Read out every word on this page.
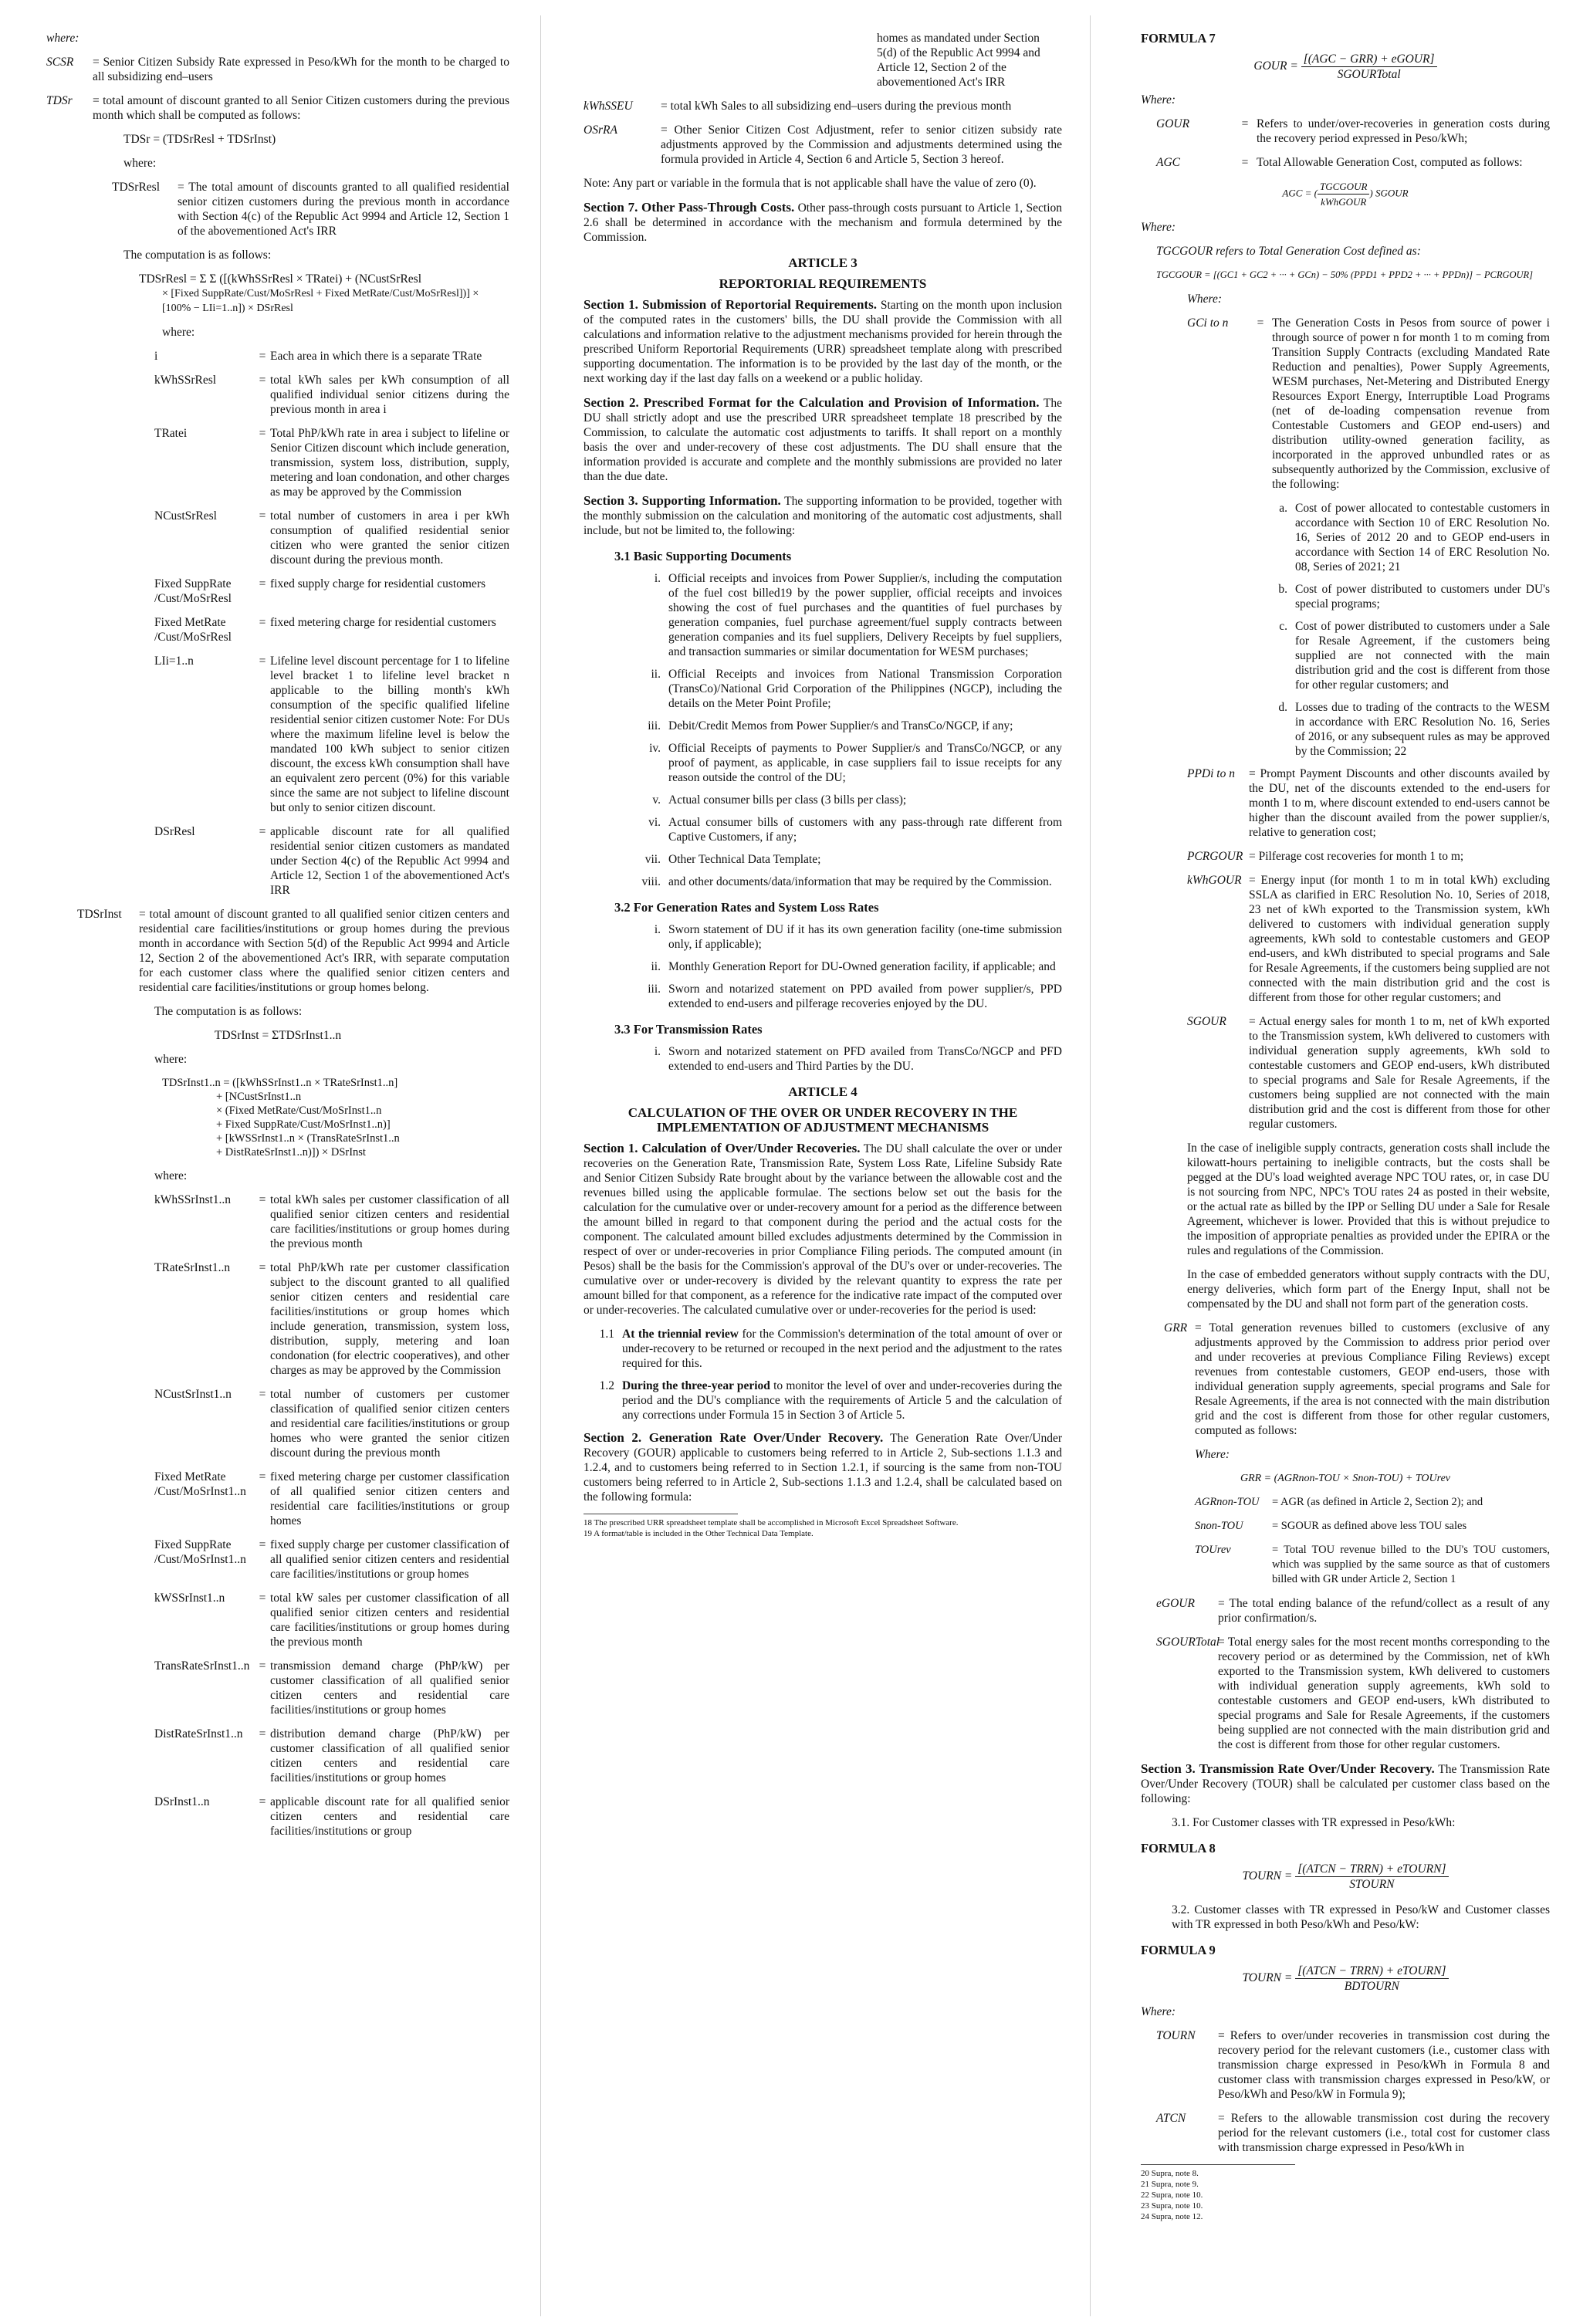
where:

SCSR	= Senior Citizen Subsidy Rate expressed in Peso/kWh for the month to be charged to all subsidizing end–users
TDSr	= total amount of discount granted to all Senior Citizen customers during the previous month which shall be computed as follows:

TDSr = (TDSrResl + TDSrInst)

where:

TDSrResl	= The total amount of discounts granted to all qualified residential senior citizen customers during the previous month in accordance with Section 4(c) of the Republic Act 9994 and Article 12, Section 1 of the abovementioned Act's IRR

The computation is as follows:

TDSrResl = Σ Σ ([(kWhSSrResl × TRatei) + (NCustSrResl

× [Fixed SuppRate/Cust/MoSrResl + Fixed MetRate/Cust/MoSrResl])] × [100% − LIi=1..n]) × DSrResl

where:

i	= Each area in which there is a separate TRate
kWhSSrResl	= total kWh sales per kWh consumption of all qualified individual senior citizens during the previous month in area i
TRatei	= Total PhP/kWh rate in area i subject to lifeline or Senior Citizen discount which include generation, transmission, system loss, distribution, supply, metering and loan condonation, and other charges as may be approved by the Commission
NCustSrResl	= total number of customers in area i per kWh consumption of qualified residential senior citizen who were granted the senior citizen discount during the previous month.
Fixed SuppRate /Cust/MoSrResl
= fixed supply charge for residential customers
Fixed MetRate /Cust/MoSrResl
= fixed metering charge for residential customers
LIi=1..n	= Lifeline level discount percentage for 1 to lifeline level bracket 1 to lifeline level bracket n applicable to the billing month's kWh consumption of the specific qualified lifeline residential senior citizen customer Note: For DUs where the maximum lifeline level is below the mandated 100 kWh subject to senior citizen discount, the excess kWh consumption shall have an equivalent zero percent (0%) for this variable since the same are not subject to lifeline discount but only to senior citizen discount.
DSrResl	= applicable discount rate for all qualified residential senior citizen customers as mandated under Section 4(c) of the Republic Act 9994 and Article 12, Section 1 of the abovementioned Act's IRR
TDSrInst	= total amount of discount granted to all qualified senior citizen centers and residential care facilities/institutions or group homes during the previous month in accordance with Section 5(d) of the Republic Act 9994 and Article 12, Section 2 of the abovementioned Act's IRR, with separate computation for each customer class where the qualified senior citizen centers and residential care facilities/institutions or group homes belong.

The computation is as follows:

TDSrInst = ΣTDSrInst1..n

where:

TDSrInst1..n = ([kWhSSrInst1..n × TRateSrInst1..n]
+ [NCustSrInst1..n
× (Fixed MetRate/Cust/MoSrInst1..n
+ Fixed SuppRate/Cust/MoSrInst1..n)]
+ [kWSSrInst1..n × (TransRateSrInst1..n
+ DistRateSrInst1..n)]) × DSrInst

where:

kWhSSrInst1..n	= total kWh sales per customer classification of all qualified senior citizen centers and residential care facilities/institutions or group homes during the previous month
TRateSrInst1..n	= total PhP/kWh rate per customer classification subject to the discount granted to all qualified senior citizen centers and residential care facilities/institutions or group homes which include generation, transmission, system loss, distribution, supply, metering and loan condonation (for electric cooperatives), and other charges as may be approved by the Commission
NCustSrInst1..n	= total number of customers per customer classification of qualified senior citizen centers and residential care facilities/institutions or group homes who were granted the senior citizen discount during the previous month
Fixed MetRate /Cust/MoSrInst1..n
= fixed metering charge per customer classification of all qualified senior citizen centers and residential care facilities/institutions or group homes
Fixed SuppRate /Cust/MoSrInst1..n
= fixed supply charge per customer classification of all qualified senior citizen centers and residential care facilities/institutions or group homes
kWSSrInst1..n	= total kW sales per customer classification of all qualified senior citizen centers and residential care facilities/institutions or group homes during the previous month
TransRateSrInst1..n = transmission demand charge (PhP/kW) per customer classification of all qualified senior citizen centers and residential care facilities/institutions or group homes
DistRateSrInst1..n	= distribution demand charge (PhP/kW) per customer classification of all qualified senior citizen centers and residential care facilities/institutions or group homes
DSrInst1..n	= applicable discount rate for all qualified senior citizen centers and residential care facilities/institutions or group

homes as mandated under Section 5(d) of the Republic Act 9994 and Article 12, Section 2 of the abovementioned Act's IRR

kWhSSEU	= total kWh Sales to all subsidizing end–users during the previous month
OSrRA	= Other Senior Citizen Cost Adjustment, refer to senior citizen subsidy rate adjustments approved by the Commission and adjustments determined using the formula provided in Article 4, Section 6 and Article 5, Section 3 hereof.

Note: Any part or variable in the formula that is not applicable shall have the value of zero (0).

Section 7. Other Pass-Through Costs. Other pass-through costs pursuant to Article 1, Section 2.6 shall be determined in accordance with the mechanism and formula determined by the Commission.

ARTICLE 3
REPORTORIAL REQUIREMENTS

Section 1. Submission of Reportorial Requirements. Starting on the month upon inclusion of the computed rates in the customers' bills, the DU shall provide the Commission with all calculations and information relative to the adjustment mechanisms provided for herein through the prescribed Uniform Reportorial Requirements (URR) spreadsheet template along with prescribed supporting documentation. The information is to be provided by the last day of the month, or the next working day if the last day falls on a weekend or a public holiday.

Section 2. Prescribed Format for the Calculation and Provision of Information. The DU shall strictly adopt and use the prescribed URR spreadsheet template 18 prescribed by the Commission, to calculate the automatic cost adjustments to tariffs. It shall report on a monthly basis the over and under-recovery of these cost adjustments. The DU shall ensure that the information provided is accurate and complete and the monthly submissions are provided no later than the due date.

Section 3. Supporting Information. The supporting information to be provided, together with the monthly submission on the calculation and monitoring of the automatic cost adjustments, shall include, but not be limited to, the following:

3.1 Basic Supporting Documents
i. Official receipts and invoices from Power Supplier/s, including the computation of the fuel cost billed19 by the power supplier, official receipts and invoices showing the cost of fuel purchases and the quantities of fuel purchases by generation companies, fuel purchase agreement/fuel supply contracts between generation companies and its fuel suppliers, Delivery Receipts by fuel suppliers, and transaction summaries or similar documentation for WESM purchases;
ii. Official Receipts and invoices from National Transmission Corporation (TransCo)/National Grid Corporation of the Philippines (NGCP), including the details on the Meter Point Profile;
iii. Debit/Credit Memos from Power Supplier/s and TransCo/NGCP, if any;
iv. Official Receipts of payments to Power Supplier/s and TransCo/NGCP, or any proof of payment, as applicable, in case suppliers fail to issue receipts for any reason outside the control of the DU;
v. Actual consumer bills per class (3 bills per class);
vi. Actual consumer bills of customers with any pass-through rate different from Captive Customers, if any;
vii. Other Technical Data Template;
viii. and other documents/data/information that may be required by the Commission.
3.2 For Generation Rates and System Loss Rates
i. Sworn statement of DU if it has its own generation facility (one-time submission only, if applicable);
ii. Monthly Generation Report for DU-Owned generation facility, if applicable; and
iii. Sworn and notarized statement on PPD availed from power supplier/s, PPD extended to end-users and pilferage recoveries enjoyed by the DU.
3.3 For Transmission Rates
i. Sworn and notarized statement on PFD availed from TransCo/NGCP and PFD extended to end-users and Third Parties by the DU.
ARTICLE 4
CALCULATION OF THE OVER OR UNDER RECOVERY IN THE IMPLEMENTATION OF ADJUSTMENT MECHANISMS

Section 1. Calculation of Over/Under Recoveries. The DU shall calculate the over or under recoveries on the Generation Rate, Transmission Rate, System Loss Rate, Lifeline Subsidy Rate and Senior Citizen Subsidy Rate brought about by the variance between the allowable cost and the revenues billed using the applicable formulae. The sections below set out the basis for the calculation for the cumulative over or under-recovery amount for a period as the difference between the amount billed in regard to that component during the period and the actual costs for the component. The calculated amount billed excludes adjustments determined by the Commission in respect of over or under-recoveries in prior Compliance Filing periods. The computed amount (in Pesos) shall be the basis for the Commission's approval of the DU's over or under-recoveries. The cumulative over or under-recovery is divided by the relevant quantity to express the rate per amount billed for that component, as a reference for the indicative rate impact of the computed over or under-recoveries. The calculated cumulative over or under-recoveries for the period is used:

1.1 At the triennial review for the Commission's determination of the total amount of over or under-recovery to be returned or recouped in the next period and the adjustment to the rates required for this.
1.2 During the three-year period to monitor the level of over and under-recoveries during the period and the DU's compliance with the requirements of Article 5 and the calculation of any corrections under Formula 15 in Section 3 of Article 5.

Section 2. Generation Rate Over/Under Recovery. The Generation Rate Over/Under Recovery (GOUR) applicable to customers being referred to in Article 2, Sub-sections 1.1.3 and 1.2.4, and to customers being referred to in Section 1.2.1, if sourcing is the same from non-TOU customers being referred to in Article 2, Sub-sections 1.1.3 and 1.2.4, shall be calculated based on the following formula:

18 The prescribed URR spreadsheet template shall be accomplished in Microsoft Excel Spreadsheet Software.

19 A format/table is included in the Other Technical Data Template.

FORMULA 7
GOUR = $\frac{\text{[(AGC − GRR) + eGOUR]}}{\text{SGOURTotal}}$

Where:

GOUR	= Refers to under/over-recoveries in generation costs during the recovery period expressed in Peso/kWh;
AGC	= Total Allowable Generation Cost, computed as follows:
AGC = ( $\frac{\text{TGCGOUR}}{\text{kWhGOUR}}$ ) SGOUR

Where:

TGCGOUR refers to Total Generation Cost defined as:

TGCGOUR = [(GC1 + GC2 + ··· + GCn) − 50% (PPD1 + PPD2 + ··· + PPDn)] − PCRGOUR]

Where:

GCi to n	= The Generation Costs in Pesos from source of power i through source of power n for month 1 to m coming from Transition Supply Contracts (excluding Mandated Rate Reduction and penalties), Power Supply Agreements, WESM purchases, Net-Metering and Distributed Energy Resources Export Energy, Interruptible Load Programs (net of de-loading compensation revenue from Contestable Customers and GEOP end-users) and distribution utility-owned generation facility, as incorporated in the approved unbundled rates or as subsequently authorized by the Commission, exclusive of the following:
a. Cost of power allocated to contestable customers in accordance with Section 10 of ERC Resolution No. 16, Series of 2012 20 and to GEOP end-users in accordance with Section 14 of ERC Resolution No. 08, Series of 2021; 21
b. Cost of power distributed to customers under DU's special programs;
c. Cost of power distributed to customers under a Sale for Resale Agreement, if the customers being supplied are not connected with the main distribution grid and the cost is different from those for other regular customers; and
d. Losses due to trading of the contracts to the WESM in accordance with ERC Resolution No. 16, Series of 2016, or any subsequent rules as may be approved by the Commission; 22
PPDi to n	= Prompt Payment Discounts and other discounts availed by the DU, net of the discounts extended to the end-users for month 1 to m, where discount extended to end-users cannot be higher than the discount availed from the power supplier/s, relative to generation cost;
PCRGOUR = Pilferage cost recoveries for month 1 to m;
kWhGOUR = Energy input (for month 1 to m in total kWh) excluding SSLA as clarified in ERC Resolution No. 10, Series of 2018, 23 net of kWh exported to the Transmission system, kWh delivered to customers with individual generation supply agreements, kWh sold to contestable customers and GEOP end-users, and kWh distributed to special programs and Sale for Resale Agreements, if the customers being supplied are not connected with the main distribution grid and the cost is different from those for other regular customers; and
SGOUR	= Actual energy sales for month 1 to m, net of kWh exported to the Transmission system, kWh delivered to customers with individual generation supply agreements, kWh sold to contestable customers and GEOP end-users, kWh distributed to special programs and Sale for Resale Agreements, if the customers being supplied are not connected with the main distribution grid and the cost is different from those for other regular customers.

In the case of ineligible supply contracts, generation costs shall include the kilowatt-hours pertaining to ineligible contracts, but the costs shall be pegged at the DU's load weighted average NPC TOU rates, or, in case DU is not sourcing from NPC, NPC's TOU rates 24 as posted in their website, or the actual rate as billed by the IPP or Selling DU under a Sale for Resale Agreement, whichever is lower. Provided that this is without prejudice to the imposition of appropriate penalties as provided under the EPIRA or the rules and regulations of the Commission.

In the case of embedded generators without supply contracts with the DU, energy deliveries, which form part of the Energy Input, shall not be compensated by the DU and shall not form part of the generation costs.

GRR = Total generation revenues billed to customers (exclusive of any adjustments approved by the Commission to address prior period over and under recoveries at previous Compliance Filing Reviews) except revenues from contestable customers, GEOP end-users, those with individual generation supply agreements, special programs and Sale for Resale Agreements, if the area is not connected with the main distribution grid and the cost is different from those for other regular customers, computed as follows:

Where:

GRR = (AGRnon-TOU × Snon-TOU) + TOUrev

AGRnon-TOU	= AGR (as defined in Article 2, Section 2); and
Snon-TOU	= SGOUR as defined above less TOU sales
TOUrev	= Total TOU revenue billed to the DU's TOU customers, which was supplied by the same source as that of customers billed with GR under Article 2, Section 1
eGOUR	= The total ending balance of the refund/collect as a result of any prior confirmation/s.
SGOURTotal
= Total energy sales for the most recent months corresponding to the recovery period or as determined by the Commission, net of kWh exported to the Transmission system, kWh delivered to customers with individual generation supply agreements, kWh sold to contestable customers and GEOP end-users, kWh distributed to special programs and Sale for Resale Agreements, if the customers being supplied are not connected with the main distribution grid and the cost is different from those for other regular customers.

Section 3. Transmission Rate Over/Under Recovery. The Transmission Rate Over/Under Recovery (TOUR) shall be calculated per customer class based on the following:

3.1. For Customer classes with TR expressed in Peso/kWh:

FORMULA 8
TOURN = $\frac{\text{[(ATCN − TRRN) + eTOURN]}}{\text{STOURN}}$

3.2. Customer classes with TR expressed in Peso/kW and Customer classes with TR expressed in both Peso/kWh and Peso/kW:

FORMULA 9
TOURN = $\frac{\text{[(ATCN − TRRN) + eTOURN]}}{\text{BDTOURN}}$

Where:

TOURN	= Refers to over/under recoveries in transmission cost during the recovery period for the relevant customers (i.e., customer class with transmission charge expressed in Peso/kWh in Formula 8 and customer class with transmission charges expressed in Peso/kW, or Peso/kWh and Peso/kW in Formula 9);
ATCN	= Refers to the allowable transmission cost during the recovery period for the relevant customers (i.e., total cost for customer class with transmission charge expressed in Peso/kWh in

20 Supra, note 8.

21 Supra, note 9.

22 Supra, note 10.

23 Supra, note 10.

24 Supra, note 12.
